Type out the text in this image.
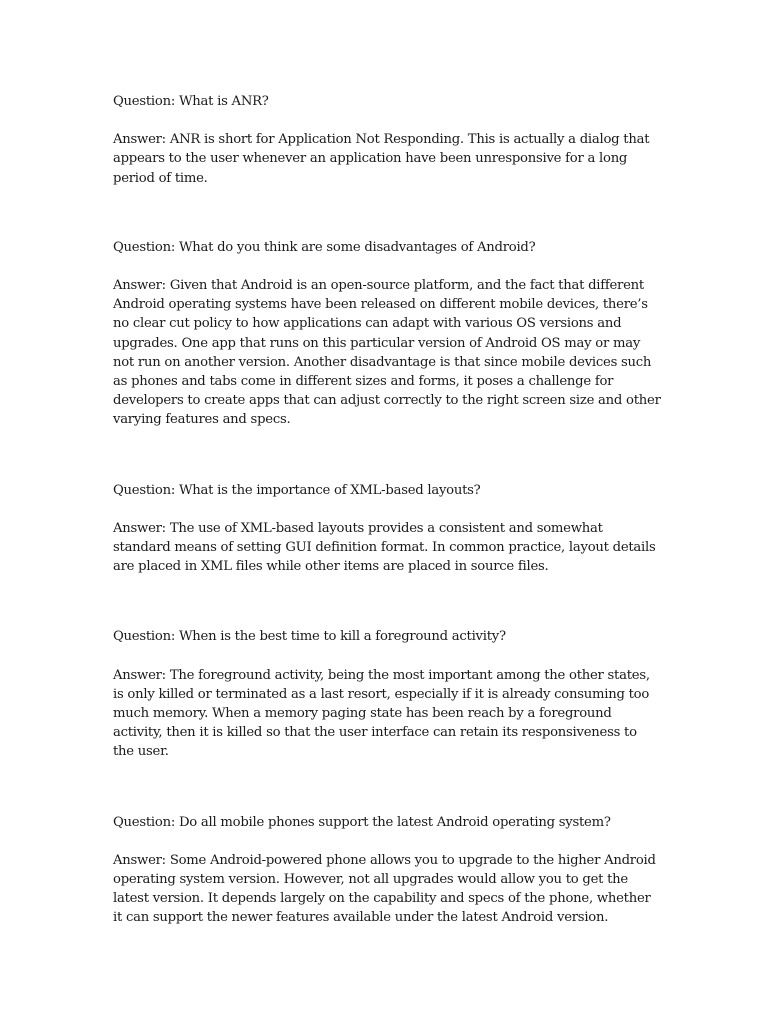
Question: What is ANR?

Answer: ANR is short for Application Not Responding. This is actually a dialog that appears to the user whenever an application have been unresponsive for a long period of time.

Question: What do you think are some disadvantages of Android?

Answer: Given that Android is an open-source platform, and the fact that different Android operating systems have been released on different mobile devices, there’s no clear cut policy to how applications can adapt with various OS versions and upgrades. One app that runs on this particular version of Android OS may or may not run on another version. Another disadvantage is that since mobile devices such as phones and tabs come in different sizes and forms, it poses a challenge for developers to create apps that can adjust correctly to the right screen size and other varying features and specs.

Question: What is the importance of XML-based layouts?

Answer: The use of XML-based layouts provides a consistent and somewhat standard means of setting GUI definition format. In common practice, layout details are placed in XML files while other items are placed in source files.

Question: When is the best time to kill a foreground activity?

Answer: The foreground activity, being the most important among the other states, is only killed or terminated as a last resort, especially if it is already consuming too much memory. When a memory paging state has been reach by a foreground activity, then it is killed so that the user interface can retain its responsiveness to the user.

Question: Do all mobile phones support the latest Android operating system?

Answer: Some Android-powered phone allows you to upgrade to the higher Android operating system version. However, not all upgrades would allow you to get the latest version. It depends largely on the capability and specs of the phone, whether it can support the newer features available under the latest Android version.
